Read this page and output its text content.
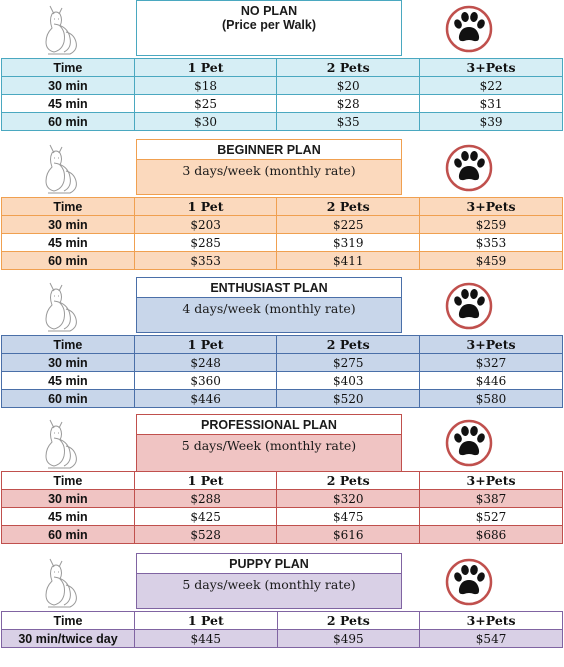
NO PLAN
(Price per Walk)
Time	1 Pet	2 Pets	3+Pets
30 min	$18	$20	$22
45 min	$25	$28	$31
60 min	$30	$35	$39
BEGINNER PLAN
3 days/week (monthly rate)
Time	1 Pet	2 Pets	3+Pets
30 min	$203	$225	$259
45 min	$285	$319	$353
60 min	$353	$411	$459
ENTHUSIAST PLAN
4 days/week (monthly rate)
Time	1 Pet	2 Pets	3+Pets
30 min	$248	$275	$327
45 min	$360	$403	$446
60 min	$446	$520	$580
PROFESSIONAL PLAN
5 days/Week (monthly rate)
Time	1 Pet	2 Pets	3+Pets
30 min	$288	$320	$387
45 min	$425	$475	$527
60 min	$528	$616	$686
PUPPY PLAN
5 days/week (monthly rate)
Time	1 Pet	2 Pets	3+Pets
30 min/twice day	$445	$495	$547
